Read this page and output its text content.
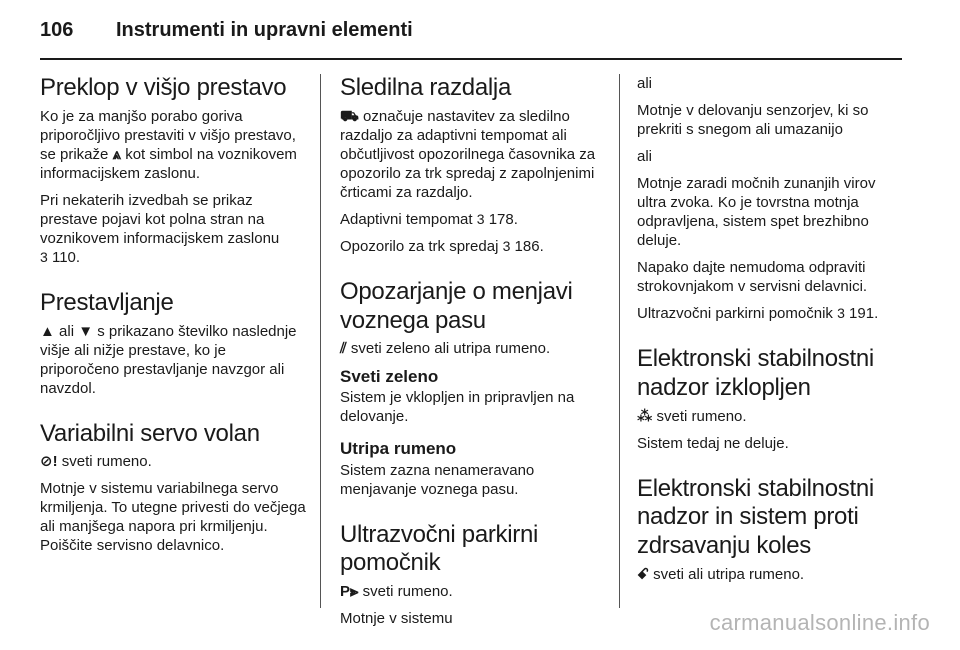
106	Instrumenti in upravni elementi
Preklop v višjo prestavo

Ko je za manjšo porabo goriva priporočljivo prestaviti v višjo prestavo, se prikaže ⩓ kot simbol na voznikovem informacijskem zaslonu.

Pri nekaterih izvedbah se prikaz prestave pojavi kot polna stran na voznikovem informacijskem zaslonu
3 110.

Prestavljanje

▲ ali ▼ s prikazano številko naslednje višje ali nižje prestave, ko je priporočeno prestavljanje navzgor ali navzdol.

Variabilni servo volan

⊘! sveti rumeno.

Motnje v sistemu variabilnega servo krmiljenja. To utegne privesti do večjega ali manjšega napora pri krmiljenju. Poiščite servisno delavnico.

Sledilna razdalja

⛟ označuje nastavitev za sledilno razdaljo za adaptivni tempomat ali občutljivost opozorilnega časovnika za opozorilo za trk spredaj z zapolnjenimi črticami za razdaljo.

Adaptivni tempomat 3 178.

Opozorilo za trk spredaj 3 186.

Opozarjanje o menjavi voznega pasu

⫽ sveti zeleno ali utripa rumeno.

Sveti zeleno

Sistem je vklopljen in pripravljen na delovanje.

Utripa rumeno

Sistem zazna nenameravano menjavanje voznega pasu.

Ultrazvočni parkirni pomočnik

P⫸ sveti rumeno.

Motnje v sistemu

ali

Motnje v delovanju senzorjev, ki so prekriti s snegom ali umazanijo

ali

Motnje zaradi močnih zunanjih virov ultra zvoka. Ko je tovrstna motnja odpravljena, sistem spet brezhibno deluje.

Napako dajte nemudoma odpraviti strokovnjakom v servisni delavnici.

Ultrazvočni parkirni pomočnik 3 191.

Elektronski stabilnostni nadzor izklopljen

⁂ sveti rumeno.

Sistem tedaj ne deluje.

Elektronski stabilnostni nadzor in sistem proti zdrsavanju koles

ꗃ sveti ali utripa rumeno.

carmanualsonline.info
